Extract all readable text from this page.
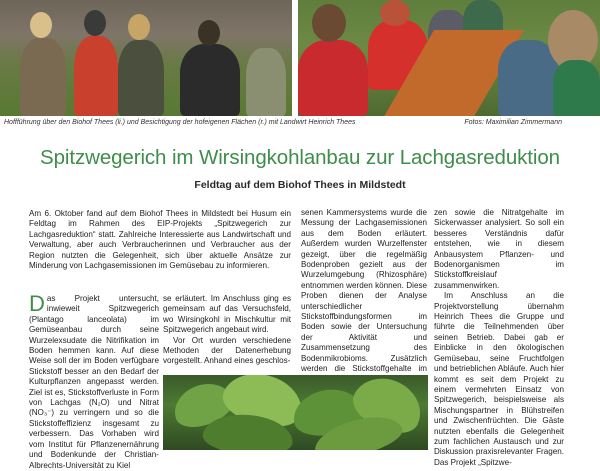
Hoffführung über den Biohof Thees (li.) und Besichtigung der hofeigenen Flächen (r.) mit Landwirt Heinrich Thees	Fotos: Maximilian Zimmermann
Spitzwegerich im Wirsingkohlanbau zur Lachgasreduktion
Feldtag auf dem Biohof Thees in Mildstedt
Am 6. Oktober fand auf dem Biohof Thees in Mildstedt bei Husum ein Feldtag im Rahmen des EIP-Projekts „Spitzwegerich zur Lachgasreduktion“ statt. Zahlreiche Interessierte aus Landwirtschaft und Verwaltung, aber auch Verbraucherinnen und Verbraucher aus der Region nutzten die Gelegenheit, sich über aktuelle Ansätze zur Minderung von Lachgasemissionen im Gemüsebau zu informieren.
Das Projekt untersucht, inwieweit Spitzwegerich (Plantago lanceolata) im Gemüseanbau durch seine Wurzelexsudate die Nitrifikation im Boden hemmen kann. Auf diese Weise soll der im Boden verfügbare Stickstoff besser an den Bedarf der Kulturpflanzen angepasst werden. Ziel ist es, Stickstoffverluste in Form von Lachgas (N₂O) und Nitrat (NO₃⁻) zu verringern und so die Stickstoffeffizienz insgesamt zu verbessern. Das Vorhaben wird vom Institut für Pflanzenernährung und Bodenkunde der Christian-Albrechts-Universität zu Kiel
se erläutert. Im Anschluss ging es gemeinsam auf das Versuchsfeld, wo Wirsingkohl in Mischkultur mit Spitzwegerich angebaut wird.
Vor Ort wurden verschiedene Methoden der Datenerhebung vorgestellt. Anhand eines geschlos-
senen Kammersystems wurde die Messung der Lachgasemissionen aus dem Boden erläutert. Außerdem wurden Wurzelfenster gezeigt, über die regelmäßig Bodenproben gezielt aus der Wurzelumgebung (Rhizosphäre) entnommen werden können. Diese Proben dienen der Analyse unterschiedlicher Stickstoffbindungsformen im Boden sowie der Untersuchung der Aktivität und Zusammensetzung des Bodenmikrobioms. Zusätzlich werden die Stickstoffgehalte im
zen sowie die Nitratgehalte im Sickerwasser analysiert. So soll ein besseres Verständnis dafür entstehen, wie in diesem Anbausystem Pflanzen- und Bodenorganismen im Stickstoffkreislauf zusammenwirken.
Im Anschluss an die Projektvorstellung übernahm Heinrich Thees die Gruppe und führte die Teilnehmenden über seinen Betrieb. Dabei gab er Einblicke in den ökologischen Gemüsebau, seine Fruchtfolgen und betrieblichen Abläufe. Auch hier kommt es seit dem Projekt zu einem vermehrten Einsatz von Spitzwegerich, beispielsweise als Mischungspartner in Blühstreifen und Zwischenfrüchten. Die Gäste nutzten ebenfalls die Gelegenheit zum fachlichen Austausch und zur Diskussion praxisrelevanter Fragen. Das Projekt „Spitzwe-
